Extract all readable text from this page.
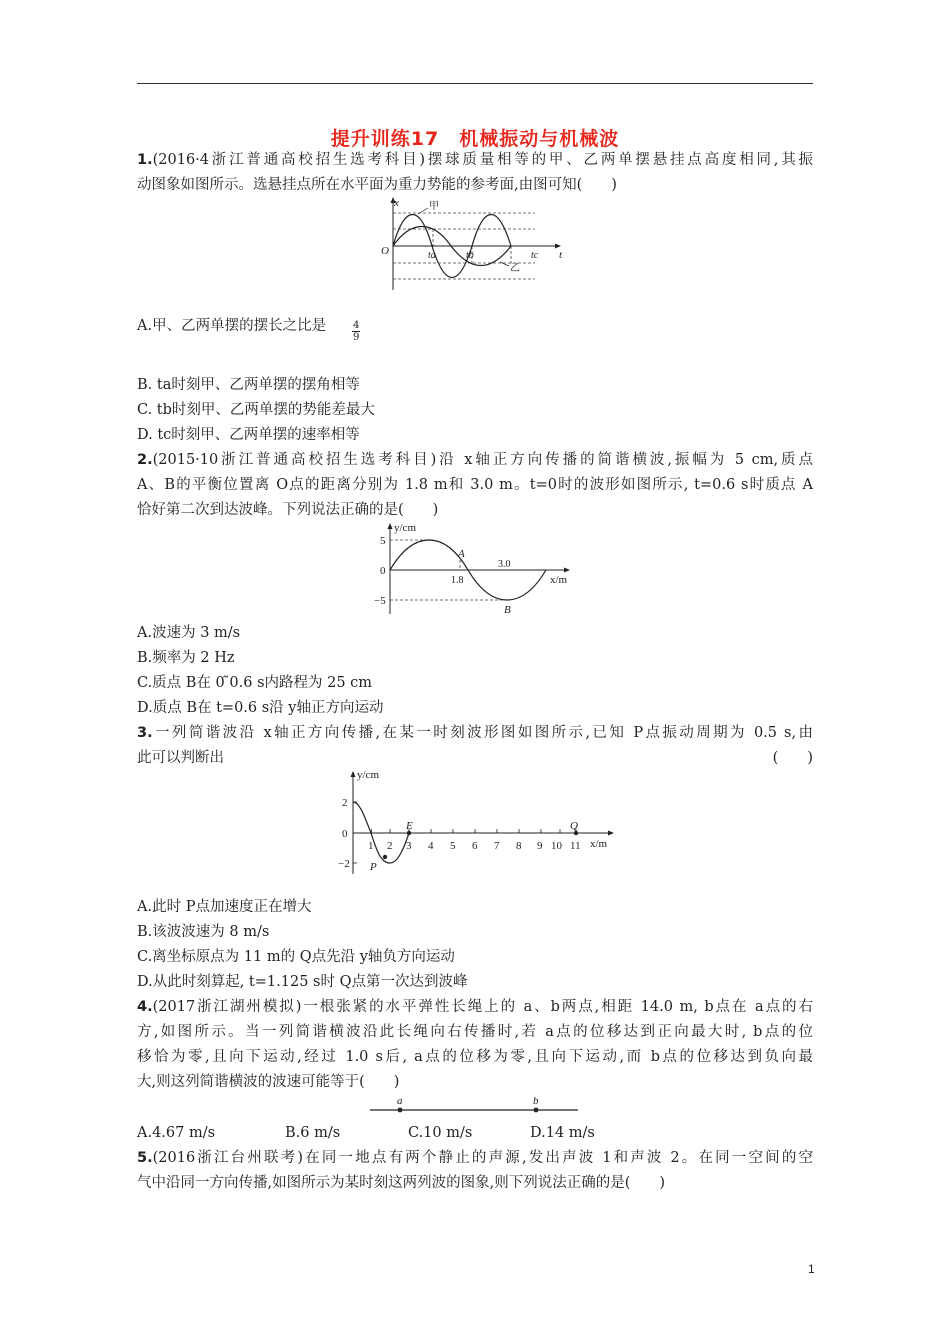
提升训练17　机械振动与机械波
1.(2016·4浙江普通高校招生选考科目)摆球质量相等的甲、乙两单摆悬挂点高度相同,其振
动图象如图所示。选悬挂点所在水平面为重力势能的参考面,由图可知(　　)
x
t
O
甲
乙
ta	tb	tc
A.甲、乙两单摆的摆长之比是	$\frac{4}{9}$
B. ta时刻甲、乙两单摆的摆角相等
C. tb时刻甲、乙两单摆的势能差最大
D. tc时刻甲、乙两单摆的速率相等
2.(2015·10浙江普通高校招生选考科目)沿 x轴正方向传播的简谐横波,振幅为 5 cm,质点
A、B的平衡位置离 O点的距离分别为 1.8 m和 3.0 m。t=0时的波形如图所示, t=0.6 s时质点 A
恰好第二次到达波峰。下列说法正确的是(　　)
y/cm
x/m
5
0
−5
1.8
3.0
A
B
A.波速为 3 m/s
B.频率为 2 Hz
C.质点 B在 0 ̃0.6 s内路程为 25 cm
D.质点 B在 t=0.6 s沿 y轴正方向运动
3.一列简谐波沿 x轴正方向传播,在某一时刻波形图如图所示,已知 P点振动周期为 0.5 s,由
此可以判断出	(　　)
y/cm
x/m
2
0
−2
1 2 3 4 5 6 7 8 9 10 11
P
E	Q
A.此时 P点加速度正在增大
B.该波波速为 8 m/s
C.离坐标原点为 11 m的 Q点先沿 y轴负方向运动
D.从此时刻算起, t=1.125 s时 Q点第一次达到波峰
4.(2017浙江湖州模拟)一根张紧的水平弹性长绳上的 a、b两点,相距 14.0 m, b点在 a点的右
方,如图所示。当一列简谐横波沿此长绳向右传播时,若 a点的位移达到正向最大时, b点的位
移恰为零,且向下运动,经过 1.0 s后, a点的位移为零,且向下运动,而 b点的位移达到负向最
大,则这列简谐横波的波速可能等于(　　)
a	b
A.4.67 m/s	B.6 m/s	C.10 m/s	D.14 m/s
5.(2016浙江台州联考)在同一地点有两个静止的声源,发出声波 1和声波 2。在同一空间的空
气中沿同一方向传播,如图所示为某时刻这两列波的图象,则下列说法正确的是(　　)
1
